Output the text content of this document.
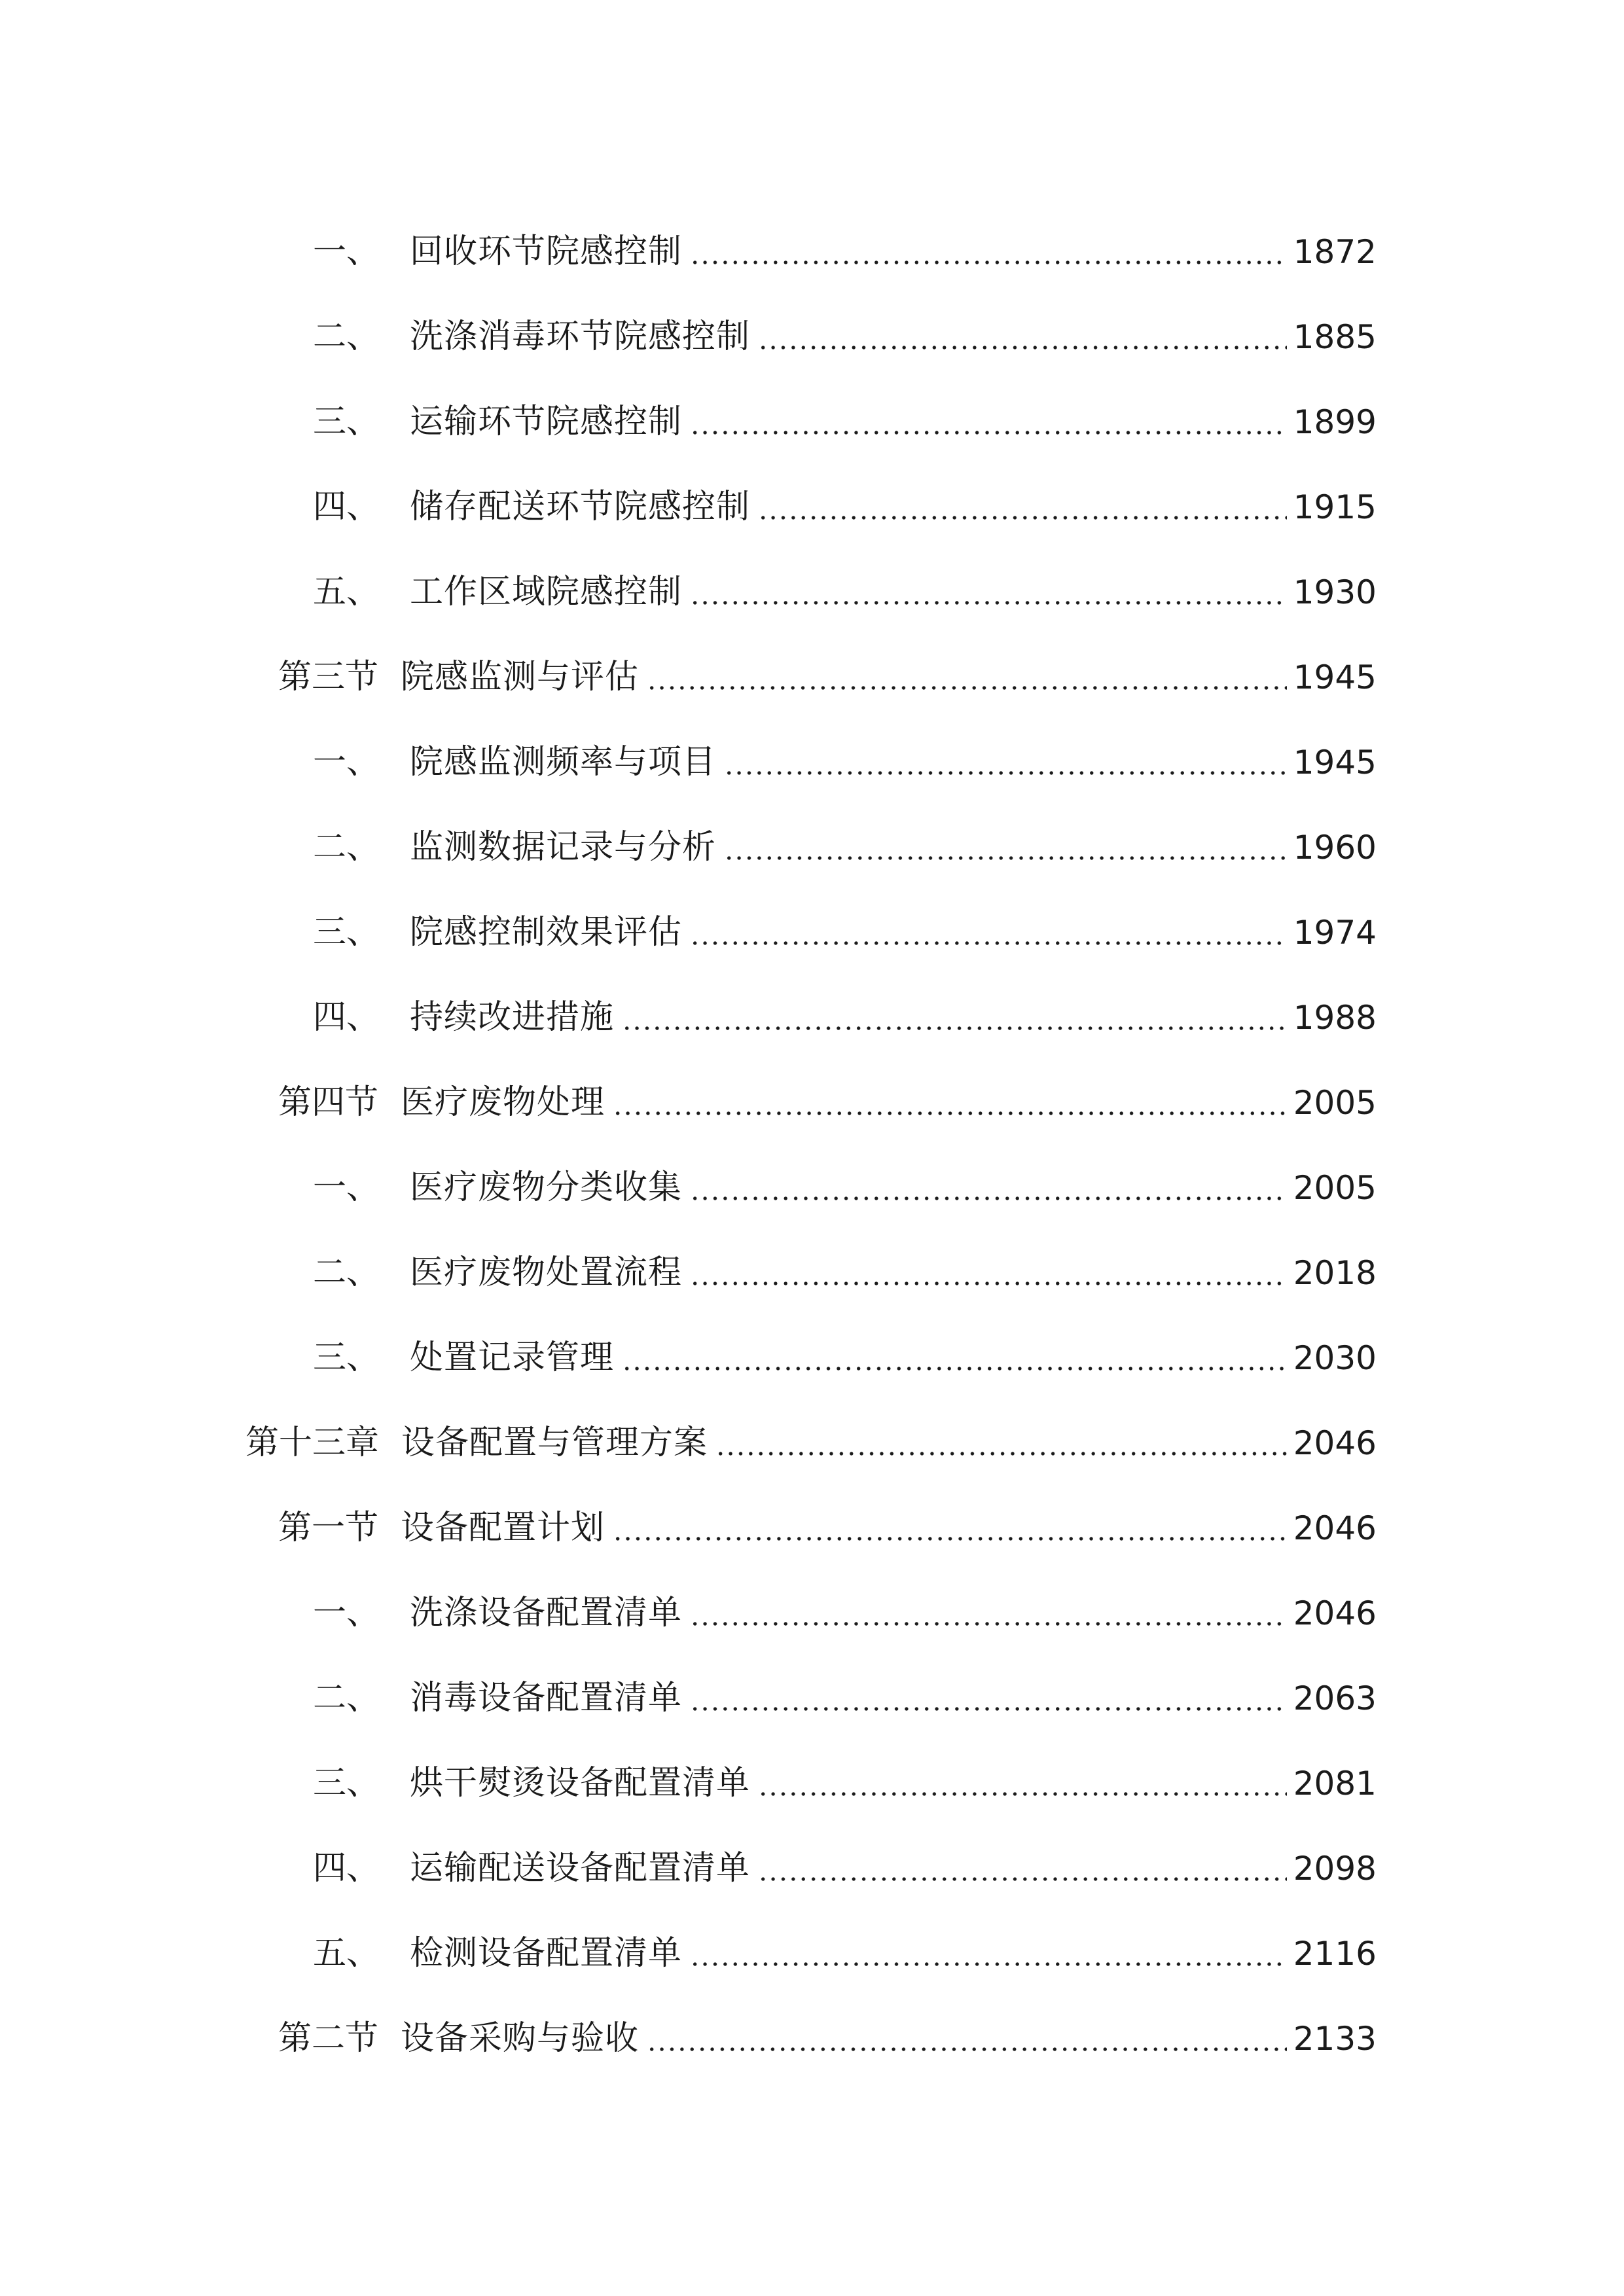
一、 回收环节院感控制	1872
二、 洗涤消毒环节院感控制	1885
三、 运输环节院感控制	1899
四、 储存配送环节院感控制	1915
五、 工作区域院感控制	1930
第三节 院感监测与评估	1945
一、 院感监测频率与项目	1945
二、 监测数据记录与分析	1960
三、 院感控制效果评估	1974
四、 持续改进措施	1988
第四节 医疗废物处理	2005
一、 医疗废物分类收集	2005
二、 医疗废物处置流程	2018
三、 处置记录管理	2030
第十三章 设备配置与管理方案	2046
第一节 设备配置计划	2046
一、 洗涤设备配置清单	2046
二、 消毒设备配置清单	2063
三、 烘干熨烫设备配置清单	2081
四、 运输配送设备配置清单	2098
五、 检测设备配置清单	2116
第二节 设备采购与验收	2133
